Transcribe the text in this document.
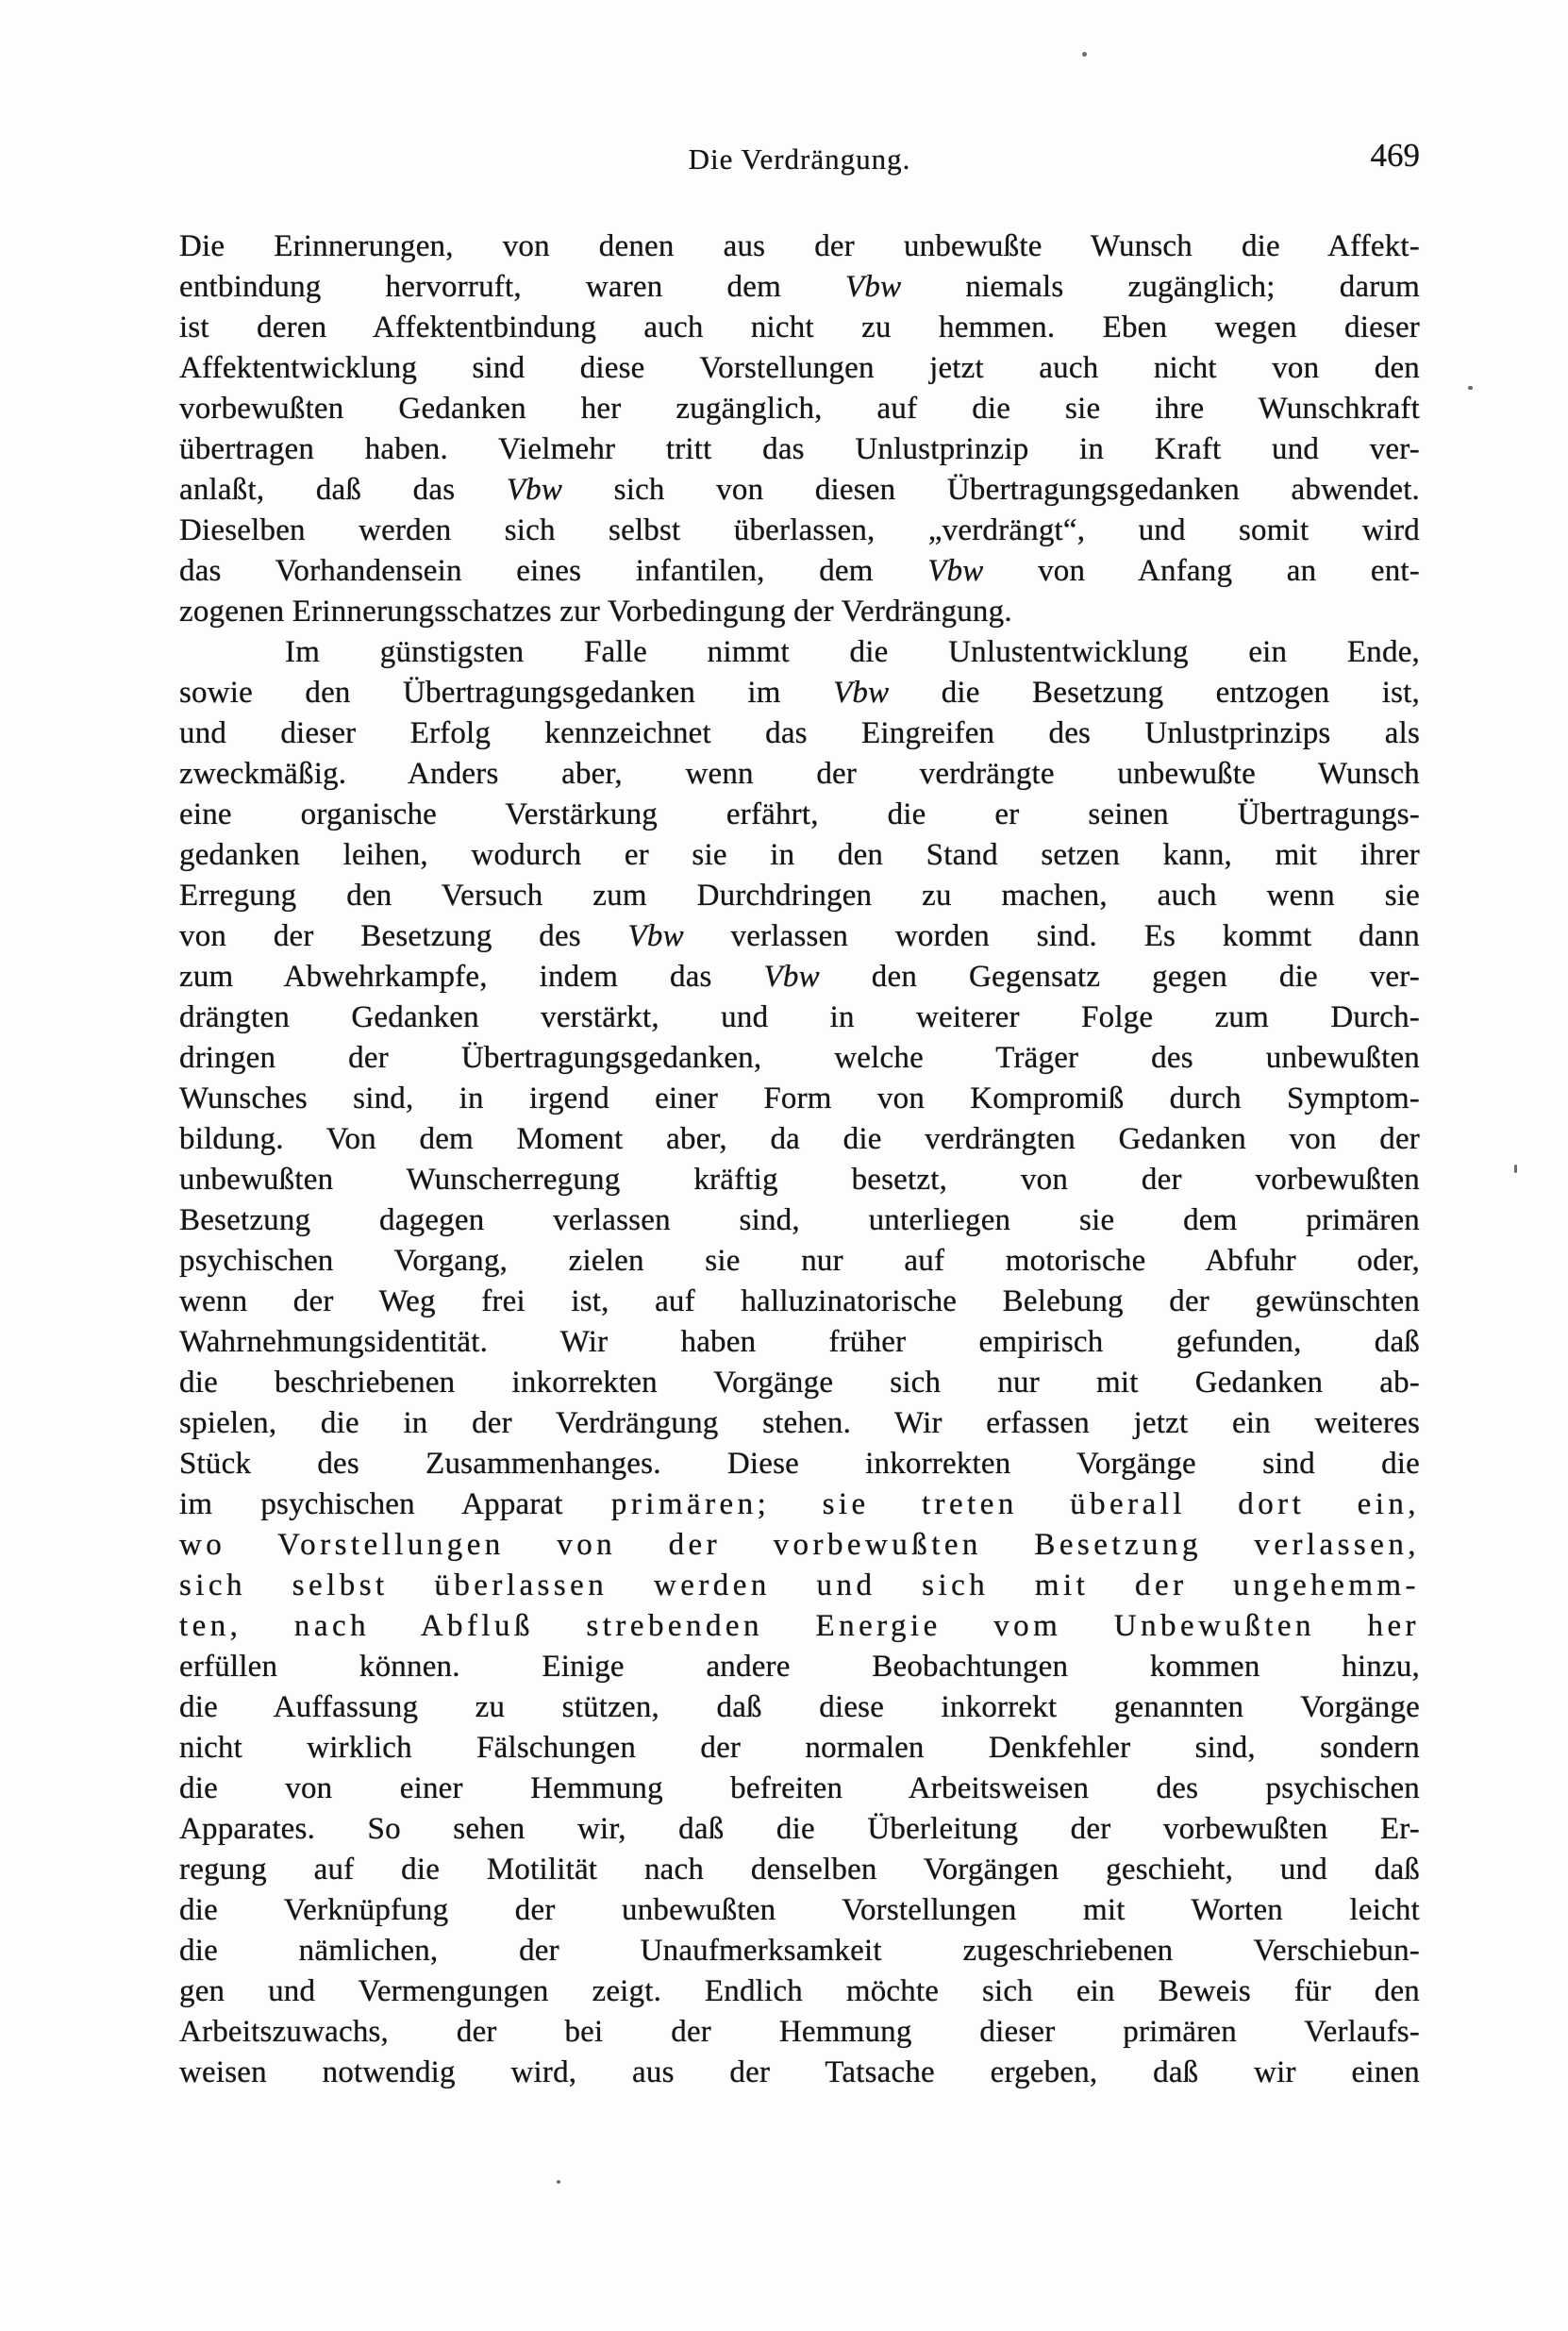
Die Verdrängung.	469
Die Erinnerungen, von denen aus der unbewußte Wunsch die Affekt-
entbindung hervorruft, waren dem Vbw niemals zugänglich; darum
ist deren Affektentbindung auch nicht zu hemmen. Eben wegen dieser
Affektentwicklung sind diese Vorstellungen jetzt auch nicht von den
vorbewußten Gedanken her zugänglich, auf die sie ihre Wunschkraft
übertragen haben. Vielmehr tritt das Unlustprinzip in Kraft und ver-
anlaßt, daß das Vbw sich von diesen Übertragungsgedanken abwendet.
Dieselben werden sich selbst überlassen, „verdrängt“, und somit wird
das Vorhandensein eines infantilen, dem Vbw von Anfang an ent-
zogenen Erinnerungsschatzes zur Vorbedingung der Verdrängung.
Im günstigsten Falle nimmt die Unlustentwicklung ein Ende,
sowie den Übertragungsgedanken im Vbw die Besetzung entzogen ist,
und dieser Erfolg kennzeichnet das Eingreifen des Unlustprinzips als
zweckmäßig. Anders aber, wenn der verdrängte unbewußte Wunsch
eine organische Verstärkung erfährt, die er seinen Übertragungs-
gedanken leihen, wodurch er sie in den Stand setzen kann, mit ihrer
Erregung den Versuch zum Durchdringen zu machen, auch wenn sie
von der Besetzung des Vbw verlassen worden sind. Es kommt dann
zum Abwehrkampfe, indem das Vbw den Gegensatz gegen die ver-
drängten Gedanken verstärkt, und in weiterer Folge zum Durch-
dringen der Übertragungsgedanken, welche Träger des unbewußten
Wunsches sind, in irgend einer Form von Kompromiß durch Symptom-
bildung. Von dem Moment aber, da die verdrängten Gedanken von der
unbewußten Wunscherregung kräftig besetzt, von der vorbewußten
Besetzung dagegen verlassen sind, unterliegen sie dem primären
psychischen Vorgang, zielen sie nur auf motorische Abfuhr oder,
wenn der Weg frei ist, auf halluzinatorische Belebung der gewünschten
Wahrnehmungsidentität. Wir haben früher empirisch gefunden, daß
die beschriebenen inkorrekten Vorgänge sich nur mit Gedanken ab-
spielen, die in der Verdrängung stehen. Wir erfassen jetzt ein weiteres
Stück des Zusammenhanges. Diese inkorrekten Vorgänge sind die
im psychischen Apparat primären; sie treten überall dort ein,
wo Vorstellungen von der vorbewußten Besetzung verlassen,
sich selbst überlassen werden und sich mit der ungehemm-
ten, nach Abfluß strebenden Energie vom Unbewußten her
erfüllen können. Einige andere Beobachtungen kommen hinzu,
die Auffassung zu stützen, daß diese inkorrekt genannten Vorgänge
nicht wirklich Fälschungen der normalen Denkfehler sind, sondern
die von einer Hemmung befreiten Arbeitsweisen des psychischen
Apparates. So sehen wir, daß die Überleitung der vorbewußten Er-
regung auf die Motilität nach denselben Vorgängen geschieht, und daß
die Verknüpfung der unbewußten Vorstellungen mit Worten leicht
die nämlichen, der Unaufmerksamkeit zugeschriebenen Verschiebun-
gen und Vermengungen zeigt. Endlich möchte sich ein Beweis für den
Arbeitszuwachs, der bei der Hemmung dieser primären Verlaufs-
weisen notwendig wird, aus der Tatsache ergeben, daß wir einen
